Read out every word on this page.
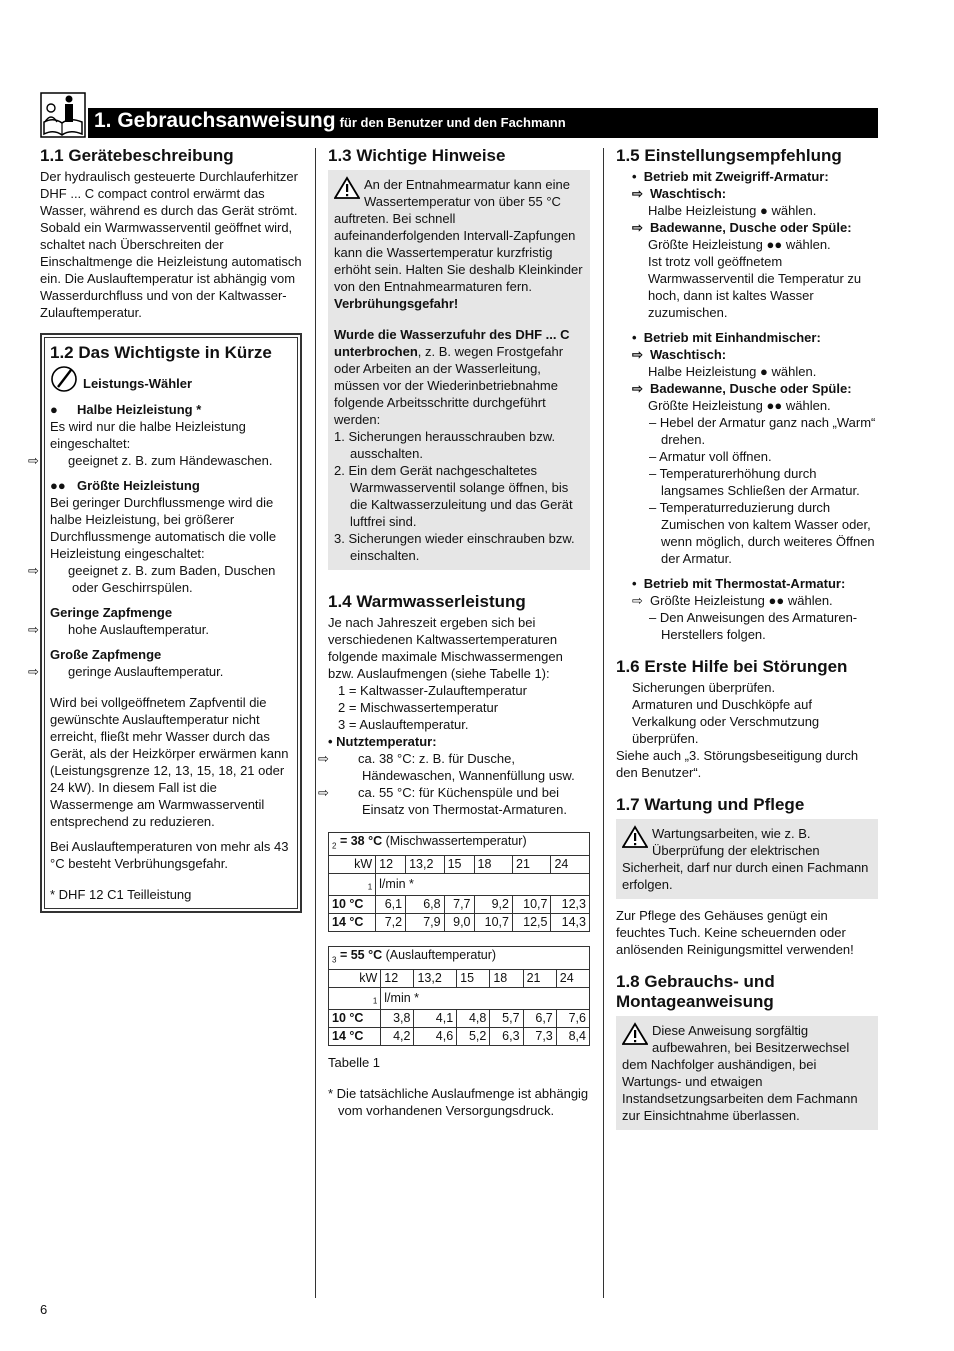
1. Gebrauchsanweisung für den Benutzer und den Fachmann
1.1 Gerätebeschreibung

Der hydraulisch gesteuerte Durchlauferhitzer DHF ... C compact control erwärmt das Wasser, während es durch das Gerät strömt. Sobald ein Warmwasserventil geöffnet wird, schaltet nach Überschreiten der Einschaltmenge die Heizleistung automatisch ein. Die Auslauftemperatur ist abhängig vom Wasserdurchfluss und von der Kaltwasser-Zulauftemperatur.

1.2 Das Wichtigste in Kürze
Leistungs-Wähler

● Halbe Heizleistung *

Es wird nur die halbe Heizleistung eingeschaltet:

⇨ geeignet z. B. zum Händewaschen.

●● Größte Heizleistung

Bei geringer Durchflussmenge wird die halbe Heizleistung, bei größerer Durchflussmenge automatisch die volle Heizleistung eingeschaltet:

⇨ geeignet z. B. zum Baden, Duschen oder Geschirrspülen.

Geringe Zapfmenge

⇨ hohe Auslauftemperatur.

Große Zapfmenge

⇨ geringe Auslauftemperatur.

Wird bei vollgeöffnetem Zapfventil die gewünschte Auslauftemperatur nicht erreicht, fließt mehr Wasser durch das Gerät, als der Heizkörper erwärmen kann (Leistungsgrenze 12, 13, 15, 18, 21 oder 24 kW). In diesem Fall ist die Wassermenge am Warmwasserventil entsprechend zu reduzieren.

Bei Auslauftemperaturen von mehr als 43 °C besteht Verbrühungsgefahr.

* DHF 12 C1 Teilleistung

1.3 Wichtige Hinweise

An der Entnahmearmatur kann eine Wassertemperatur von über 55 °C auftreten. Bei schnell aufeinanderfolgenden Intervall-Zapfungen kann die Wassertemperatur kurzfristig erhöht sein. Halten Sie deshalb Kleinkinder von den Entnahmearmaturen fern.

Verbrühungsgefahr!

Wurde die Wasserzufuhr des DHF ... C unterbrochen, z. B. wegen Frostgefahr oder Arbeiten an der Wasserleitung, müssen vor der Wiederinbetriebnahme folgende Arbeitsschritte durchgeführt werden:

1. Sicherungen herausschrauben bzw. ausschalten.

2. Ein dem Gerät nachgeschaltetes Warmwasserventil solange öffnen, bis die Kaltwasserzuleitung und das Gerät luftfrei sind.

3. Sicherungen wieder einschrauben bzw. einschalten.

1.4 Warmwasserleistung

Je nach Jahreszeit ergeben sich bei verschiedenen Kaltwassertemperaturen folgende maximale Mischwassermengen bzw. Auslaufmengen (siehe Tabelle 1):

1 = Kaltwasser-Zulauftemperatur

2 = Mischwassertemperatur

3 = Auslauftemperatur.

• Nutztemperatur:

⇨ ca. 38 °C: z. B. für Dusche, Händewaschen, Wannenfüllung usw.

⇨ ca. 55 °C: für Küchenspüle und bei Einsatz von Thermostat-Armaturen.

$_2$ = 38 °C (Mischwassertemperatur)						
kW	12	13,2	15	18	21	24
$_1$	l/min *					
10 °C	6,1	6,8	7,7	9,2	10,7	12,3
14 °C	7,2	7,9	9,0	10,7	12,5	14,3
$_3$ = 55 °C (Auslauftemperatur)						
kW	12	13,2	15	18	21	24
$_1$	l/min *					
10 °C	3,8	4,1	4,8	5,7	6,7	7,6
14 °C	4,2	4,6	5,2	6,3	7,3	8,4

Tabelle 1

* Die tatsächliche Auslaufmenge ist abhängig vom vorhandenen Versorgungsdruck.

1.5 Einstellungsempfehlung

• Betrieb mit Zweigriff-Armatur:

⇨ Waschtisch:

Halbe Heizleistung ● wählen.

⇨ Badewanne, Dusche oder Spüle:

Größte Heizleistung ●● wählen.

Ist trotz voll geöffnetem Warmwasserventil die Temperatur zu hoch, dann ist kaltes Wasser zuzumischen.

• Betrieb mit Einhandmischer:

⇨ Waschtisch:

Halbe Heizleistung ● wählen.

⇨ Badewanne, Dusche oder Spüle:

Größte Heizleistung ●● wählen.

– Hebel der Armatur ganz nach „Warm“ drehen.

– Armatur voll öffnen.

– Temperaturerhöhung durch langsames Schließen der Armatur.

– Temperaturreduzierung durch Zumischen von kaltem Wasser oder, wenn möglich, durch weiteres Öffnen der Armatur.

• Betrieb mit Thermostat-Armatur:

⇨ Größte Heizleistung ●● wählen.

– Den Anweisungen des Armaturen-Herstellers folgen.

1.6 Erste Hilfe bei Störungen

Sicherungen überprüfen.

Armaturen und Duschköpfe auf Verkalkung oder Verschmutzung überprüfen.

Siehe auch „3. Störungsbeseitigung durch den Benutzer“.

1.7 Wartung und Pflege

Wartungsarbeiten, wie z. B. Überprüfung der elektrischen Sicherheit, darf nur durch einen Fachmann erfolgen.

Zur Pflege des Gehäuses genügt ein feuchtes Tuch. Keine scheuernden oder anlösenden Reinigungsmittel verwenden!

1.8 Gebrauchs- und Montageanweisung

Diese Anweisung sorgfältig aufbewahren, bei Besitzerwechsel dem Nachfolger aushändigen, bei Wartungs- und etwaigen Instandsetzungsarbeiten dem Fachmann zur Einsichtnahme überlassen.

6
